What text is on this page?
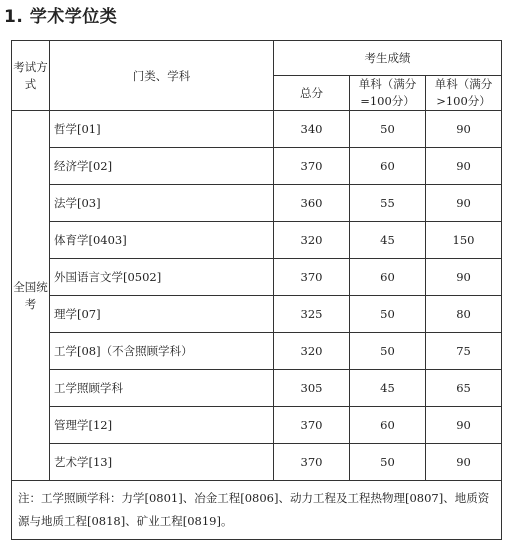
1. 学术学位类
考试方式	门类、学科	考生成绩		
		总分	单科（满分=100分）	单科（满分>100分）
全国统考	哲学[01]	340	50	90
	经济学[02]	370	60	90
	法学[03]	360	55	90
	体育学[0403]	320	45	150
	外国语言文学[0502]	370	60	90
	理学[07]	325	50	80
	工学[08]（不含照顾学科）	320	50	75
	工学照顾学科	305	45	65
	管理学[12]	370	60	90
	艺术学[13]	370	50	90
注：工学照顾学科：力学[0801]、冶金工程[0806]、动力工程及工程热物理[0807]、地质资源与地质工程[0818]、矿业工程[0819]。				
